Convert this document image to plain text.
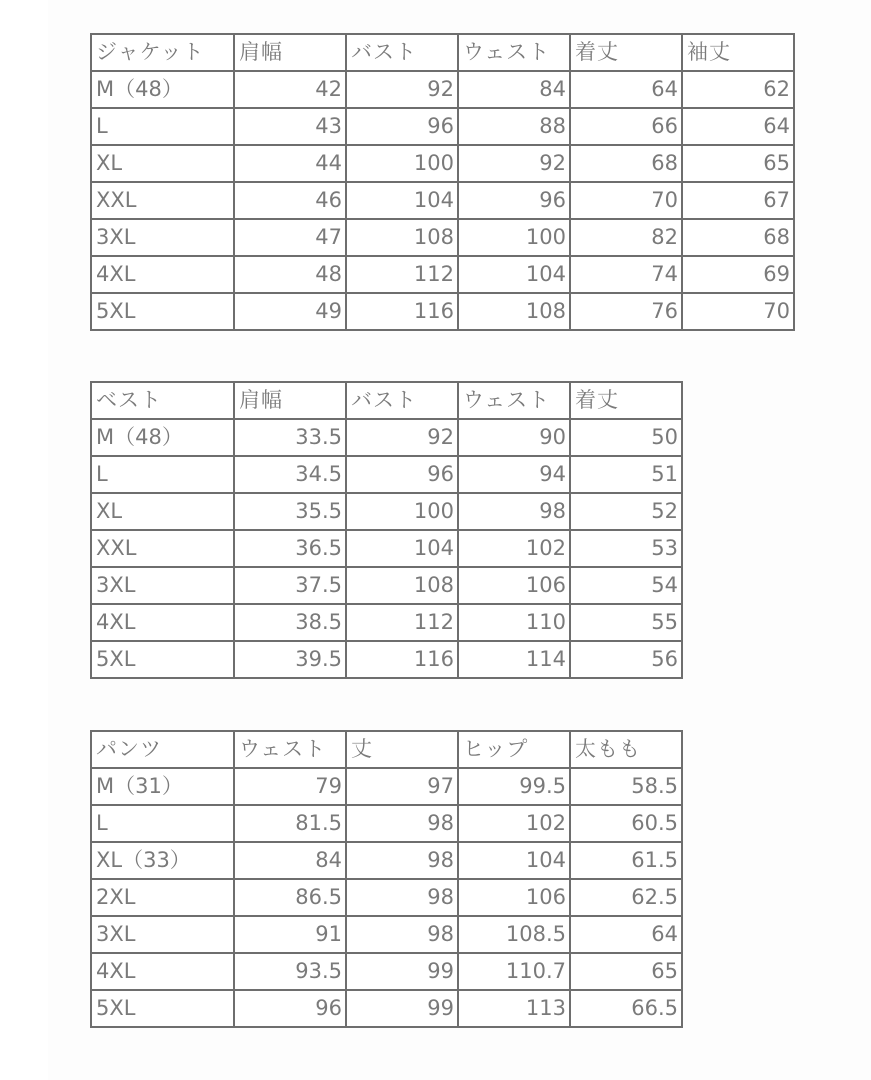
ジャケット	肩幅	バスト	ウェスト	着丈	袖丈
M（48）	42	92	84	64	62
L	43	96	88	66	64
XL	44	100	92	68	65
XXL	46	104	96	70	67
3XL	47	108	100	82	68
4XL	48	112	104	74	69
5XL	49	116	108	76	70
ベスト	肩幅	バスト	ウェスト	着丈
M（48）	33.5	92	90	50
L	34.5	96	94	51
XL	35.5	100	98	52
XXL	36.5	104	102	53
3XL	37.5	108	106	54
4XL	38.5	112	110	55
5XL	39.5	116	114	56
パンツ	ウェスト	丈	ヒップ	太もも
M（31）	79	97	99.5	58.5
L	81.5	98	102	60.5
XL（33）	84	98	104	61.5
2XL	86.5	98	106	62.5
3XL	91	98	108.5	64
4XL	93.5	99	110.7	65
5XL	96	99	113	66.5
